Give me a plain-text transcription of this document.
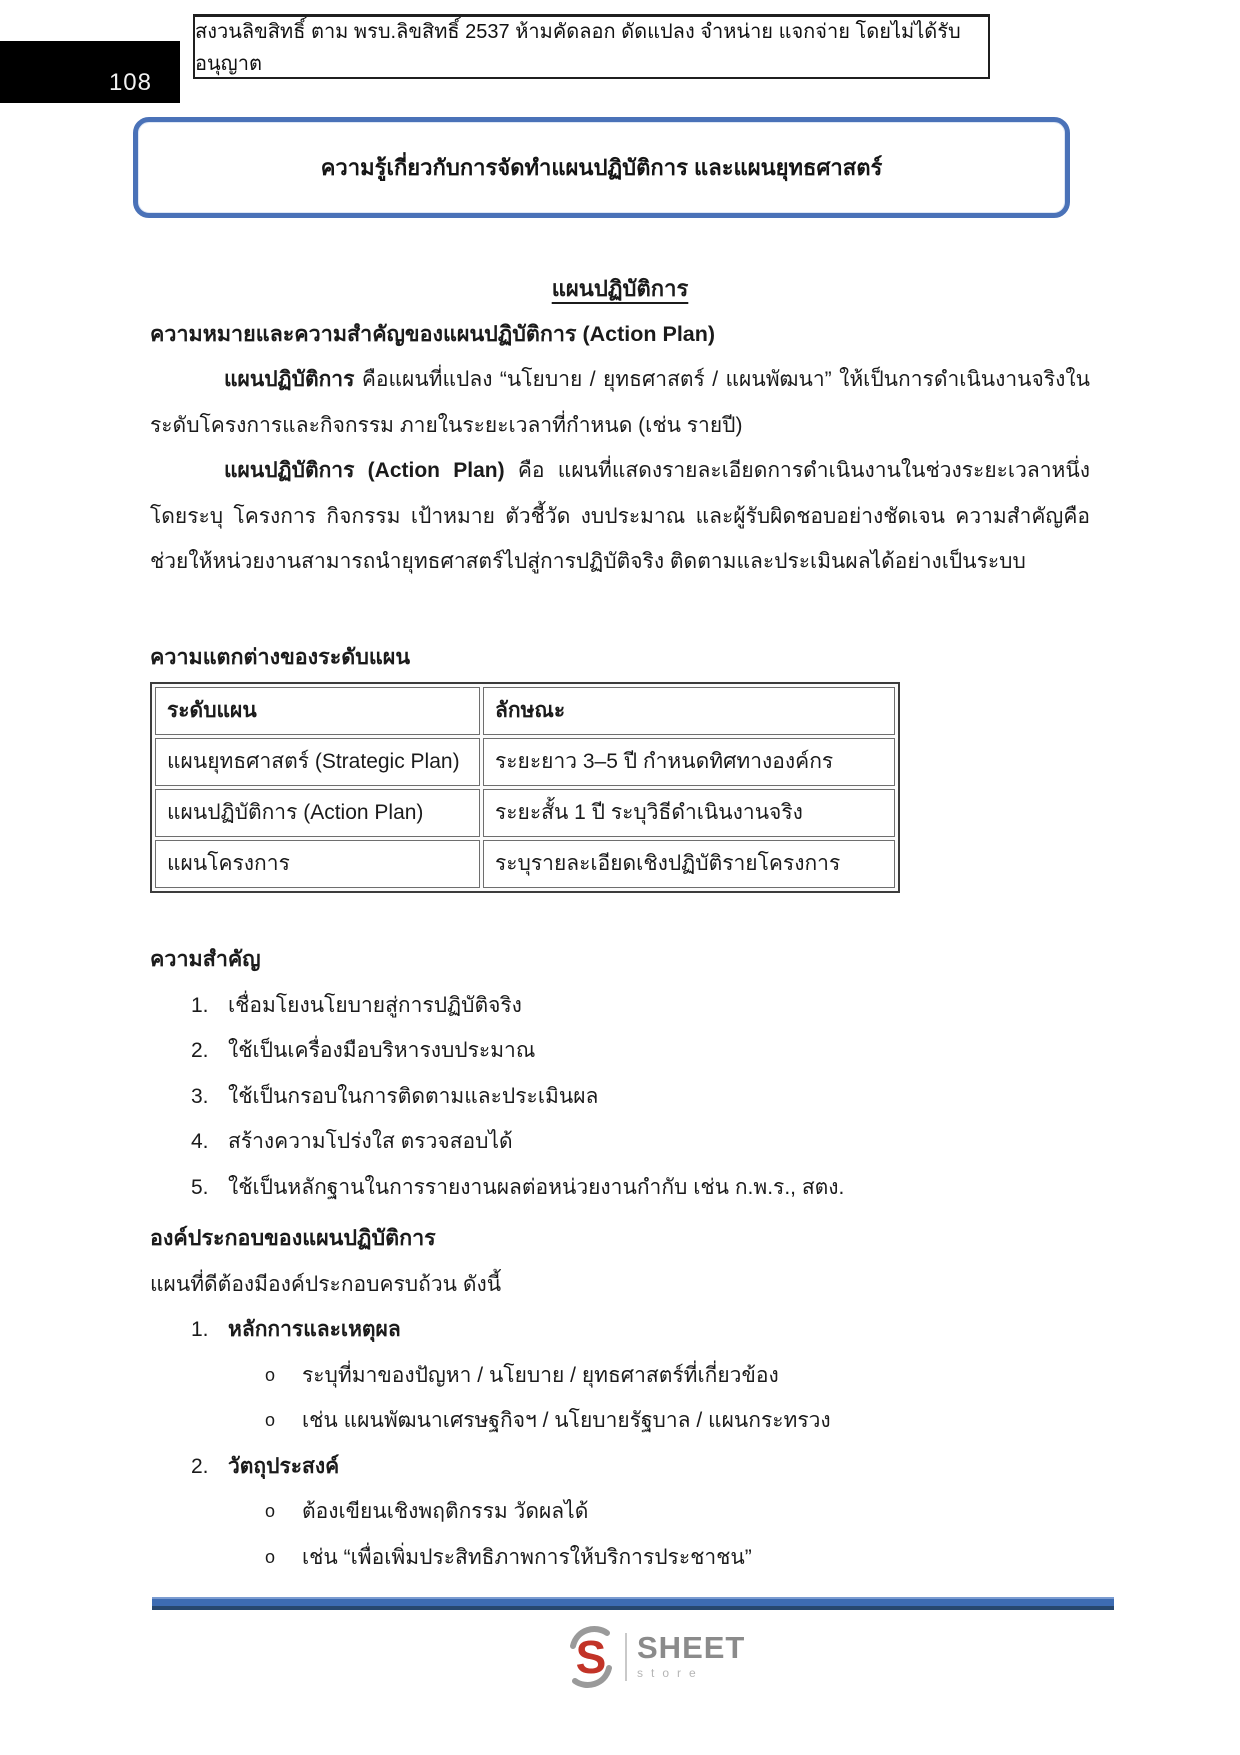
108
สงวนลิขสิทธิ์ ตาม พรบ.ลิขสิทธิ์ 2537 ห้ามคัดลอก ดัดแปลง จำหน่าย แจกจ่าย โดยไม่ได้รับอนุญาต
ความรู้เกี่ยวกับการจัดทำแผนปฏิบัติการ และแผนยุทธศาสตร์
แผนปฏิบัติการ
ความหมายและความสำคัญของแผนปฏิบัติการ (Action Plan)

แผนปฏิบัติการ คือแผนที่แปลง “นโยบาย / ยุทธศาสตร์ / แผนพัฒนา” ให้เป็นการดำเนินงานจริงในระดับโครงการและกิจกรรม ภายในระยะเวลาที่กำหนด (เช่น รายปี)

แผนปฏิบัติการ (Action Plan) คือ แผนที่แสดงรายละเอียดการดำเนินงานในช่วงระยะเวลาหนึ่ง โดยระบุ โครงการ กิจกรรม เป้าหมาย ตัวชี้วัด งบประมาณ และผู้รับผิดชอบอย่างชัดเจน ความสำคัญคือ ช่วยให้หน่วยงานสามารถนำยุทธศาสตร์ไปสู่การปฏิบัติจริง ติดตามและประเมินผลได้อย่างเป็นระบบ

ความแตกต่างของระดับแผน
ระดับแผน	ลักษณะ
แผนยุทธศาสตร์ (Strategic Plan)	ระยะยาว 3–5 ปี กำหนดทิศทางองค์กร
แผนปฏิบัติการ (Action Plan)	ระยะสั้น 1 ปี ระบุวิธีดำเนินงานจริง
แผนโครงการ	ระบุรายละเอียดเชิงปฏิบัติรายโครงการ
ความสำคัญ
1. เชื่อมโยงนโยบายสู่การปฏิบัติจริง
2. ใช้เป็นเครื่องมือบริหารงบประมาณ
3. ใช้เป็นกรอบในการติดตามและประเมินผล
4. สร้างความโปร่งใส ตรวจสอบได้
5. ใช้เป็นหลักฐานในการรายงานผลต่อหน่วยงานกำกับ เช่น ก.พ.ร., สตง.
องค์ประกอบของแผนปฏิบัติการ
แผนที่ดีต้องมีองค์ประกอบครบถ้วน ดังนี้
1. หลักการและเหตุผล
o ระบุที่มาของปัญหา / นโยบาย / ยุทธศาสตร์ที่เกี่ยวข้อง
o เช่น แผนพัฒนาเศรษฐกิจฯ / นโยบายรัฐบาล / แผนกระทรวง
2. วัตถุประสงค์
o ต้องเขียนเชิงพฤติกรรม วัดผลได้
o เช่น “เพื่อเพิ่มประสิทธิภาพการให้บริการประชาชน”
S SHEET
store
